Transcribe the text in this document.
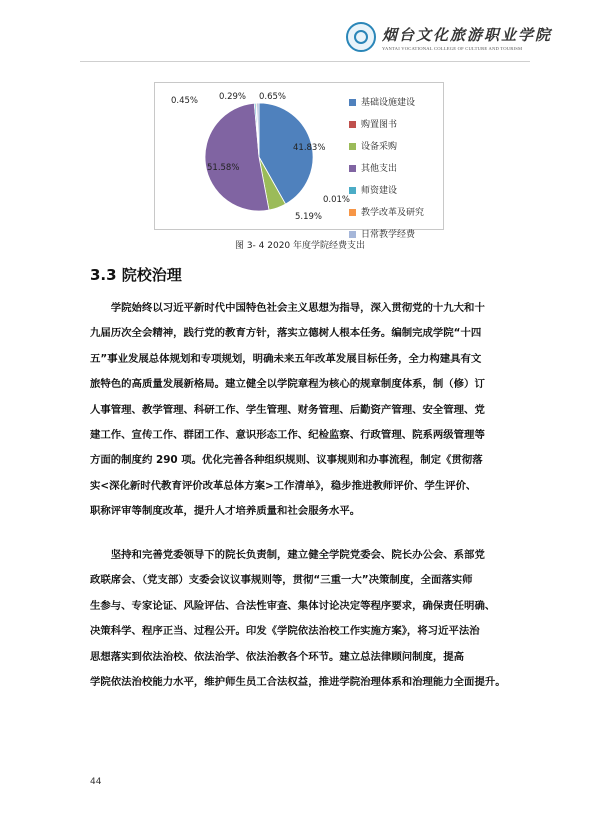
烟台文化旅游职业学院
YANTAI VOCATIONAL COLLEGE OF CULTURE AND TOURISM
41.83%
0.01%
5.19%
51.58%
0.45% 0.29% 0.65%
基础设施建设
购置图书
设备采购
其他支出
师资建设
教学改革及研究
日常教学经费
图 3- 4 2020 年度学院经费支出
3.3 院校治理
　　学院始终以习近平新时代中国特色社会主义思想为指导，深入贯彻党的十九大和十
九届历次全会精神，践行党的教育方针，落实立德树人根本任务。编制完成学院“十四
五”事业发展总体规划和专项规划，明确未来五年改革发展目标任务，全力构建具有文
旅特色的高质量发展新格局。建立健全以学院章程为核心的规章制度体系，制（修）订
人事管理、教学管理、科研工作、学生管理、财务管理、后勤资产管理、安全管理、党
建工作、宣传工作、群团工作、意识形态工作、纪检监察、行政管理、院系两级管理等
方面的制度约 290 项。优化完善各种组织规则、议事规则和办事流程，制定《贯彻落
实<深化新时代教育评价改革总体方案>工作清单》，稳步推进教师评价、学生评价、
职称评审等制度改革，提升人才培养质量和社会服务水平。
　　坚持和完善党委领导下的院长负责制，建立健全学院党委会、院长办公会、系部党
政联席会、（党支部）支委会议议事规则等，贯彻“三重一大”决策制度，全面落实师
生参与、专家论证、风险评估、合法性审查、集体讨论决定等程序要求，确保责任明确、
决策科学、程序正当、过程公开。印发《学院依法治校工作实施方案》，将习近平法治
思想落实到依法治校、依法治学、依法治教各个环节。建立总法律顾问制度，提高
学院依法治校能力水平，维护师生员工合法权益，推进学院治理体系和治理能力全面提升。
44
